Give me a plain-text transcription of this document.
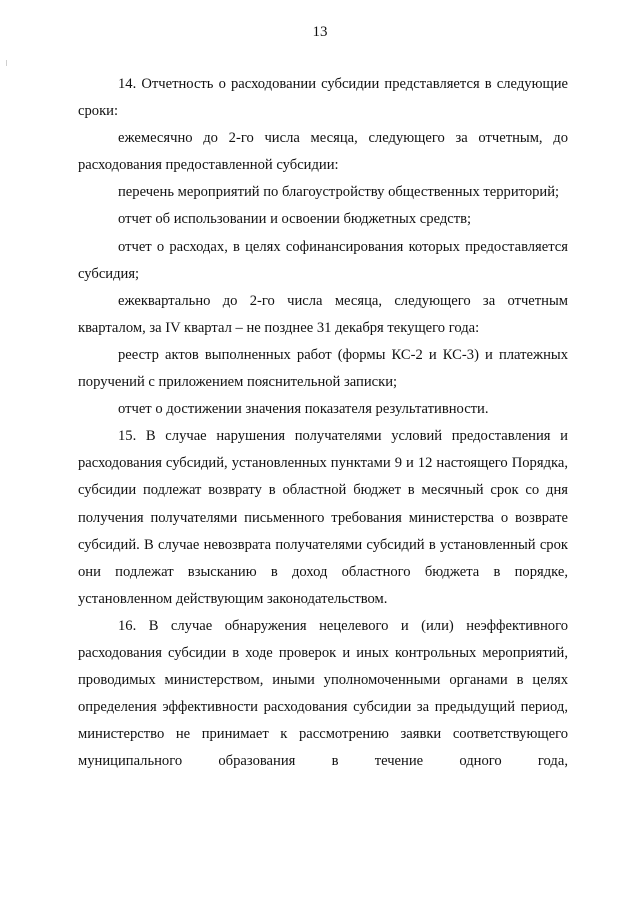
13

14. Отчетность о расходовании субсидии представляется в следующие сроки:

ежемесячно до 2-го числа месяца, следующего за отчетным, до расходования предоставленной субсидии:

перечень мероприятий по благоустройству общественных территорий;

отчет об использовании и освоении бюджетных средств;

отчет о расходах, в целях софинансирования которых предоставляется субсидия;

ежеквартально до 2-го числа месяца, следующего за отчетным кварталом, за IV квартал – не позднее 31 декабря текущего года:

реестр актов выполненных работ (формы КС-2 и КС-3) и платежных поручений с приложением пояснительной записки;

отчет о достижении значения показателя результативности.

15. В случае нарушения получателями условий предоставления и расходования субсидий, установленных пунктами 9 и 12 настоящего Порядка, субсидии подлежат возврату в областной бюджет в месячный срок со дня получения получателями письменного требования министерства о возврате субсидий. В случае невозврата получателями субсидий в установленный срок они подлежат взысканию в доход областного бюджета в порядке, установленном действующим законодательством.

16. В случае обнаружения нецелевого и (или) неэффективного расходования субсидии в ходе проверок и иных контрольных мероприятий, проводимых министерством, иными уполномоченными органами в целях определения эффективности расходования субсидии за предыдущий период, министерство не принимает к рассмотрению заявки соответствующего муниципального образования в течение одного года,
